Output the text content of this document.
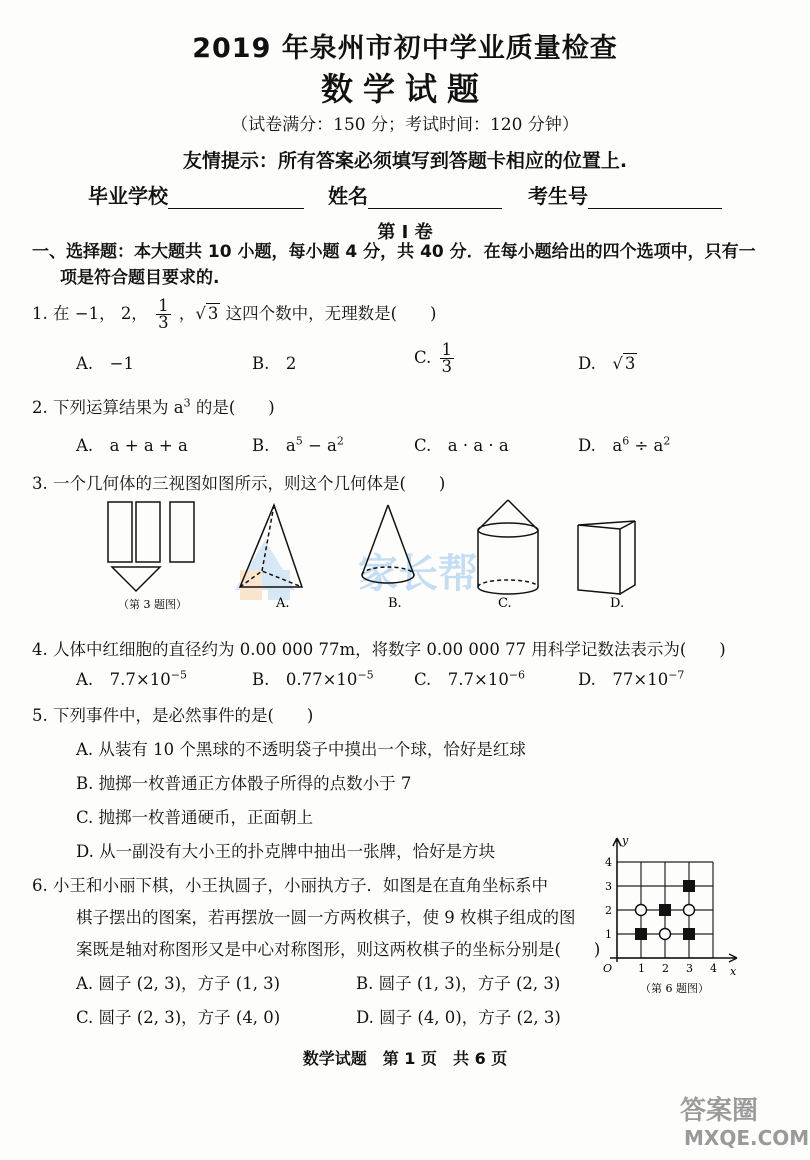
2019 年泉州市初中学业质量检查
数学试题
（试卷满分：150 分；考试时间：120 分钟）
友情提示：所有答案必须填写到答题卡相应的位置上.
毕业学校	姓名	考生号
第 I 卷
一、选择题：本大题共 10 小题，每小题 4 分，共 40 分．在每小题给出的四个选项中，只有一
项是符合题目要求的.
1. 在 −1， 2， $\frac{1}{3}$ ，√ 3 这四个数中，无理数是(　　)
A.　−1	B.　2	C. $\frac{1}{3}$	D.　√ 3
2. 下列运算结果为 $a^3$ 的是(　　)
A.　a + a + a	B.　$a^5 - a^2$	C.　a · a · a	D.　$a^6 \div a^2$
3. 一个几何体的三视图如图所示，则这个几何体是(　　)
家长帮
（第 3 题图）	A.	B.	C.	D.
4. 人体中红细胞的直径约为 0.00 000 77m，将数字 0.00 000 77 用科学记数法表示为(　　)
A.　$7.7\times 10^{-5}$	B.　$0.77\times 10^{-5}$ C.　$7.7\times 10^{-6}$	D.　$77\times 10^{-7}$
5. 下列事件中，是必然事件的是(　　)
A. 从装有 10 个黑球的不透明袋子中摸出一个球，恰好是红球
B. 抛掷一枚普通正方体骰子所得的点数小于 7
C. 抛掷一枚普通硬币，正面朝上
D. 从一副没有大小王的扑克牌中抽出一张牌，恰好是方块
6. 小王和小丽下棋，小王执圆子，小丽执方子．如图是在直角坐标系中
棋子摆出的图案，若再摆放一圆一方两枚棋子，使 9 枚棋子组成的图
案既是轴对称图形又是中心对称图形，则这两枚棋子的坐标分别是(　　)
A. 圆子 (2, 3)，方子 (1, 3)	B. 圆子 (1, 3)，方子 (2, 3)
C. 圆子 (2, 3)，方子 (4, 0)	D. 圆子 (4, 0)，方子 (2, 3)
y
x
O 1
1
2
2
3
3
4
4
（第 6 题图）
答案圈
MXQE.COM
数学试题　第 1 页　共 6 页
